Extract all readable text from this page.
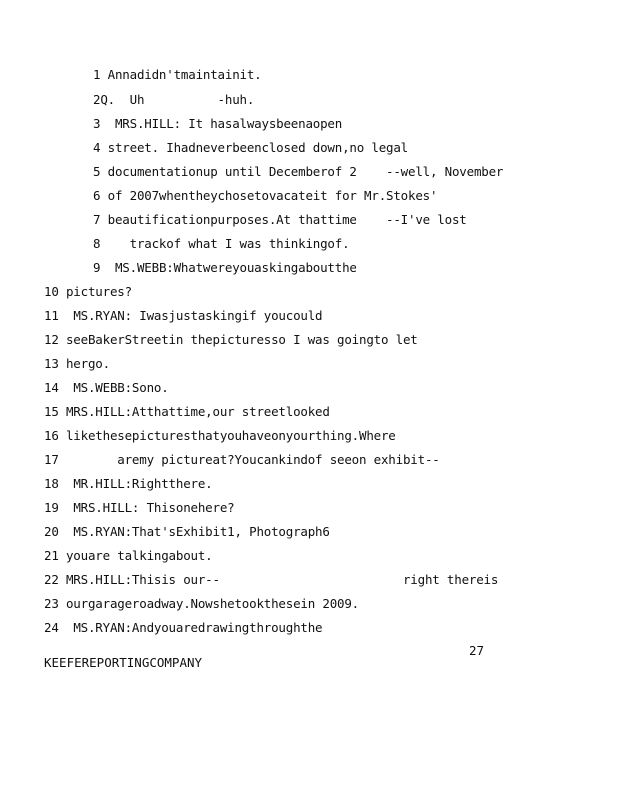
1 Annadidn'tmaintainit.
2Q.  Uh          -huh.
3 MRS.HILL: It hasalwaysbeenaopen
4 street. Ihadneverbeenclosed down,no legal
5 documentationup until Decemberof 2    --well, November
6 of 2007whentheychosetovacateit for Mr.Stokes'
7 beautificationpurposes.At thattime    --I've lost
8    trackof what I was thinkingof.
9 MS.WEBB:Whatwereyouaskingaboutthe
10 pictures?
11 MS.RYAN: Iwasjustaskingif youcould
12 seeBakerStreetin thepicturesso I was goingto let
13 hergo.
14 MS.WEBB:Sono.
15 MRS.HILL:Atthattime,our streetlooked
16 likethesepicturesthatyouhaveonyourthing.Where
17        aremy pictureat?Youcankindof seeon exhibit--
18 MR.HILL:Rightthere.
19 MRS.HILL: Thisonehere?
20 MS.RYAN:That'sExhibit1, Photograph6
21 youare talkingabout.
22 MRS.HILL:Thisis our--                         right thereis
23 ourgarageroadway.Nowshetookthesein 2009.
24 MS.RYAN:Andyouaredrawingthroughthe
27
KEEFEREPORTINGCOMPANY
